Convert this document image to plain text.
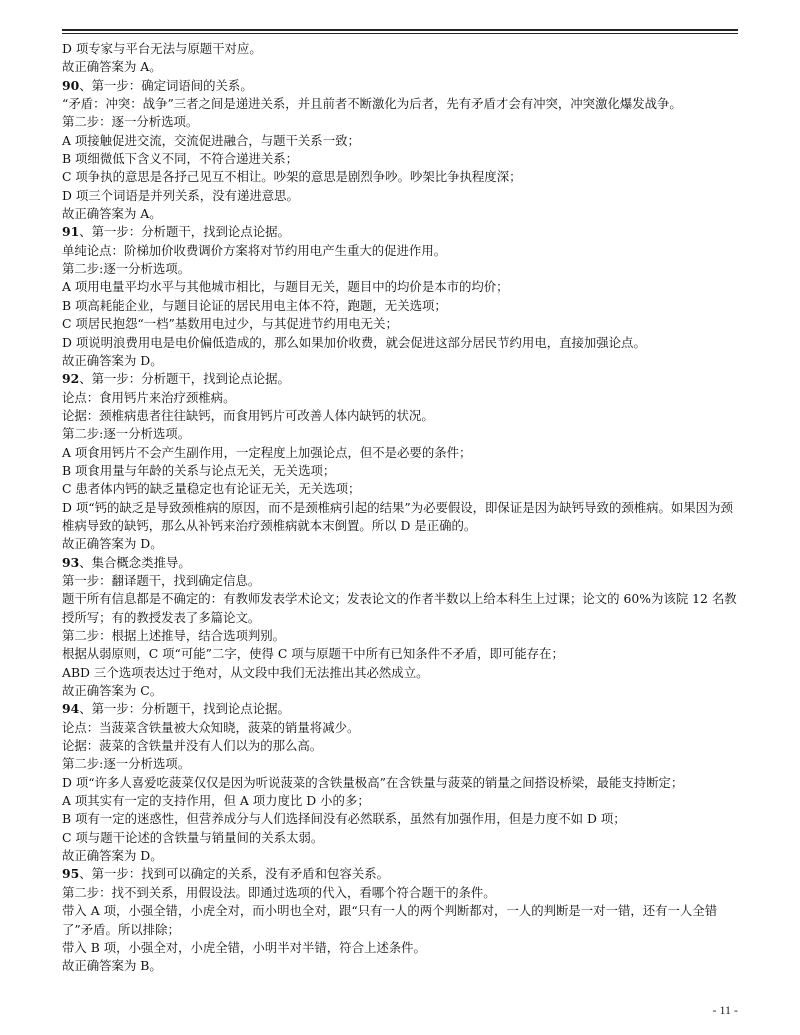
D 项专家与平台无法与原题干对应。

故正确答案为 A。

90、第一步：确定词语间的关系。

“矛盾：冲突：战争”三者之间是递进关系，并且前者不断激化为后者，先有矛盾才会有冲突，冲突激化爆发战争。

第二步：逐一分析选项。

A 项接触促进交流，交流促进融合，与题干关系一致；

B 项细微低下含义不同，不符合递进关系；

C 项争执的意思是各抒己见互不相让。吵架的意思是剧烈争吵。吵架比争执程度深；

D 项三个词语是并列关系，没有递进意思。

故正确答案为 A。

91、第一步：分析题干，找到论点论据。

单纯论点：阶梯加价收费调价方案将对节约用电产生重大的促进作用。

第二步:逐一分析选项。

A 项用电量平均水平与其他城市相比，与题目无关，题目中的均价是本市的均价；

B 项高耗能企业，与题目论证的居民用电主体不符，跑题，无关选项；

C 项居民抱怨“一档”基数用电过少，与其促进节约用电无关；

D 项说明浪费用电是电价偏低造成的，那么如果加价收费，就会促进这部分居民节约用电，直接加强论点。

故正确答案为 D。

92、第一步：分析题干，找到论点论据。

论点：食用钙片来治疗颈椎病。

论据：颈椎病患者往往缺钙，而食用钙片可改善人体内缺钙的状况。

第二步:逐一分析选项。

A 项食用钙片不会产生副作用，一定程度上加强论点，但不是必要的条件；

B 项食用量与年龄的关系与论点无关，无关选项；

C 患者体内钙的缺乏量稳定也有论证无关，无关选项；

D 项“钙的缺乏是导致颈椎病的原因，而不是颈椎病引起的结果”为必要假设，即保证是因为缺钙导致的颈椎病。如果因为颈椎病导致的缺钙，那么从补钙来治疗颈椎病就本末倒置。所以 D 是正确的。

故正确答案为 D。

93、集合概念类推导。

第一步：翻译题干，找到确定信息。

题干所有信息都是不确定的：有教师发表学术论文；发表论文的作者半数以上给本科生上过课；论文的 60%为该院 12 名教授所写；有的教授发表了多篇论文。

第二步：根据上述推导，结合选项判别。

根据从弱原则，C 项“可能”二字，使得 C 项与原题干中所有已知条件不矛盾，即可能存在；

ABD 三个选项表达过于绝对，从文段中我们无法推出其必然成立。

故正确答案为 C。

94、第一步：分析题干，找到论点论据。

论点：当菠菜含铁量被大众知晓，菠菜的销量将减少。

论据：菠菜的含铁量并没有人们以为的那么高。

第二步:逐一分析选项。

D 项“许多人喜爱吃菠菜仅仅是因为听说菠菜的含铁量极高”在含铁量与菠菜的销量之间搭设桥梁，最能支持断定；

A 项其实有一定的支持作用，但 A 项力度比 D 小的多；

B 项有一定的迷惑性，但营养成分与人们选择间没有必然联系，虽然有加强作用，但是力度不如 D 项；

C 项与题干论述的含铁量与销量间的关系太弱。

故正确答案为 D。

95、第一步：找到可以确定的关系，没有矛盾和包容关系。

第二步：找不到关系，用假设法。即通过选项的代入，看哪个符合题干的条件。

带入 A 项，小强全错，小虎全对，而小明也全对，跟“只有一人的两个判断都对，一人的判断是一对一错，还有一人全错了”矛盾。所以排除；

带入 B 项，小强全对，小虎全错，小明半对半错，符合上述条件。

故正确答案为 B。

- 11 -
